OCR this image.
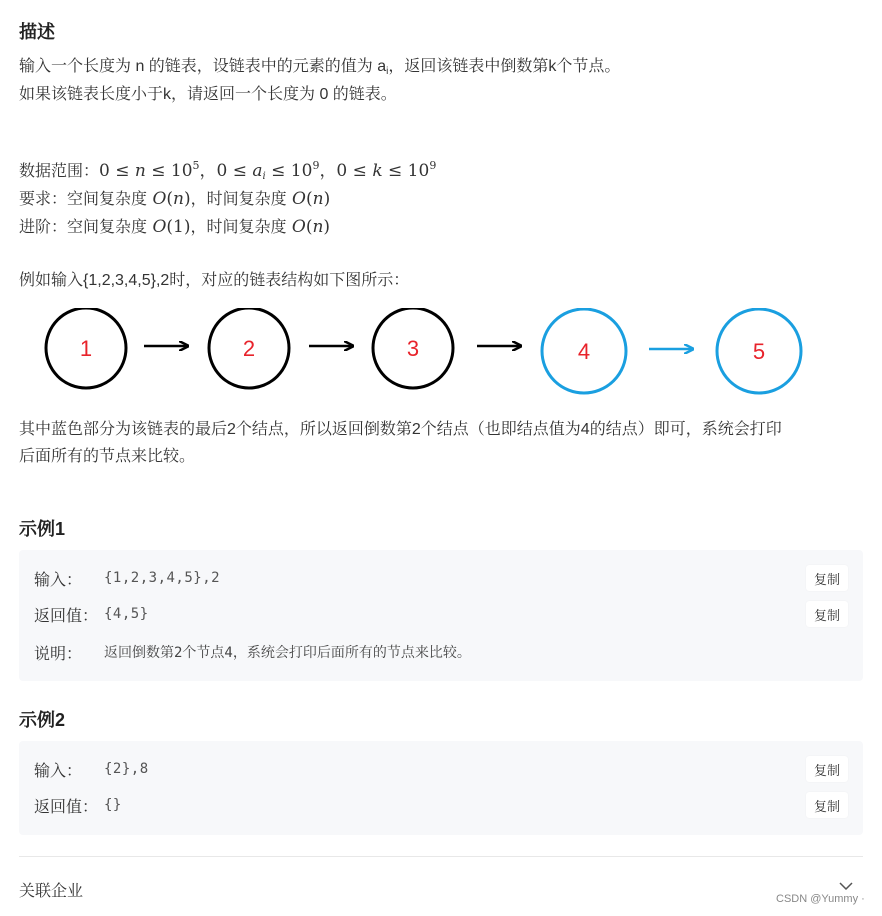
描述
输入一个长度为 n 的链表，设链表中的元素的值为 $a_i$，返回该链表中倒数第k个节点。
如果该链表长度小于k，请返回一个长度为 0 的链表。
数据范围：$0 \le n \le 10^5$，$0 \le a_i \le 10^9$，$0 \le k \le 10^9$
要求：空间复杂度 O(n)，时间复杂度 O(n)
进阶：空间复杂度 O(1)，时间复杂度 O(n)
例如输入{1,2,3,4,5},2时，对应的链表结构如下图所示：
1	2	3	4	5
其中蓝色部分为该链表的最后2个结点，所以返回倒数第2个结点（也即结点值为4的结点）即可，系统会打印
后面所有的节点来比较。
示例1
输入：	{1,2,3,4,5},2	复制
返回值： {4,5}	复制
说明：	返回倒数第2个节点4，系统会打印后面所有的节点来比较。
示例2
输入：	{2},8	复制
返回值： {}	复制
关联企业	CSDN @Yummy ·
